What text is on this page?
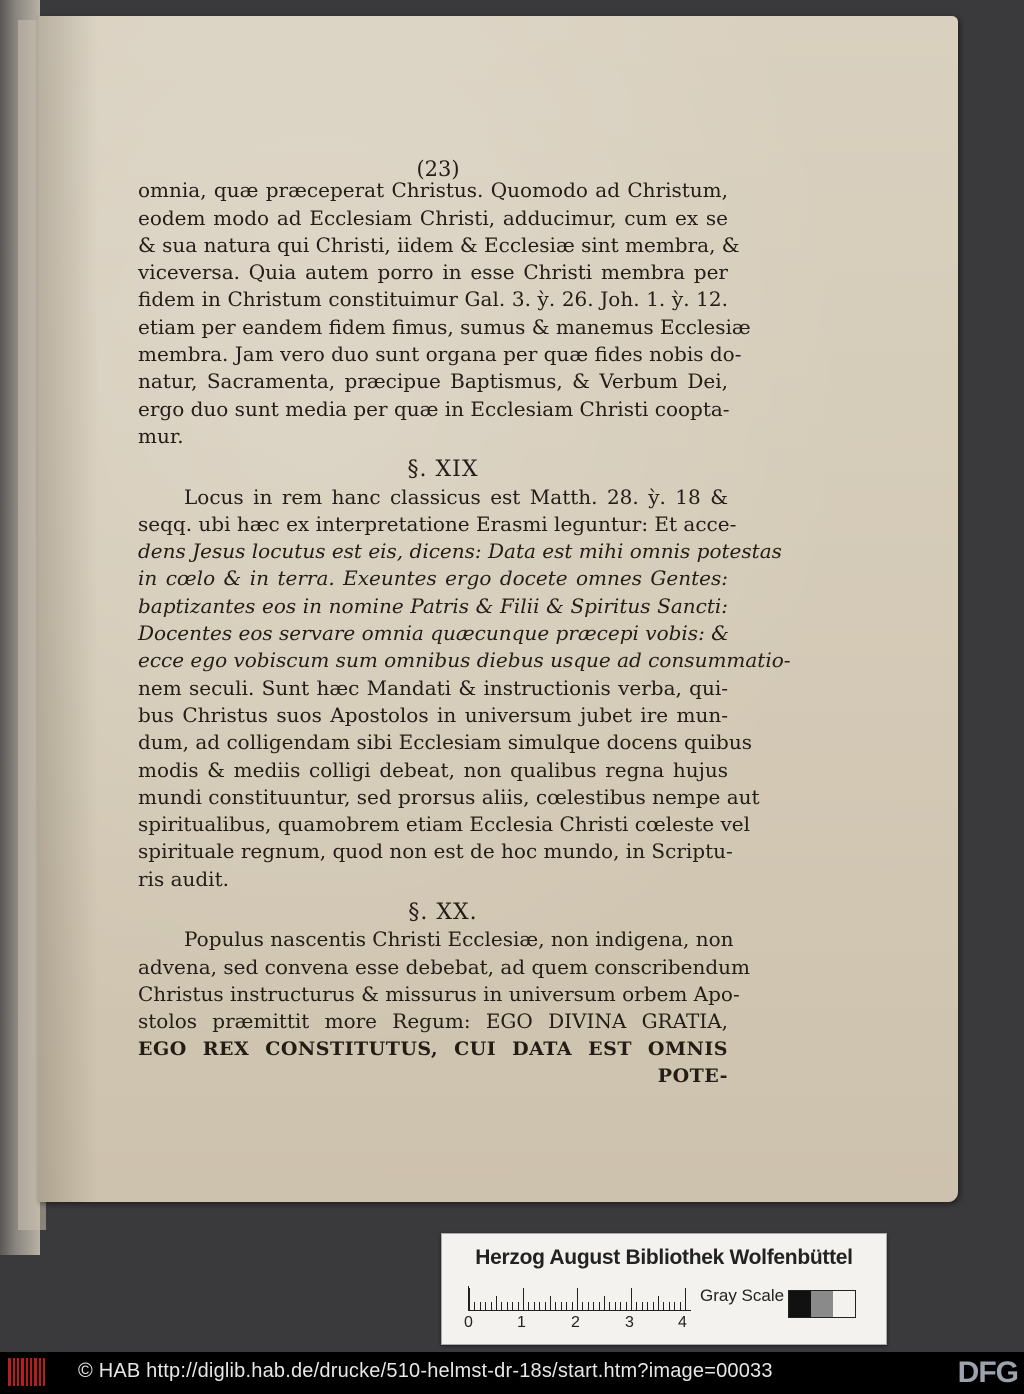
(23)
omnia, quæ præceperat Christus. Quomodo ad Christum,
eodem modo ad Ecclesiam Christi, adducimur, cum ex se
& sua natura qui Christi, iidem & Ecclesiæ sint membra, &
viceversa. Quia autem porro in esse Christi membra per
fidem in Christum constituimur Gal. 3. ỳ. 26. Joh. 1. ỳ. 12.
etiam per eandem fidem fimus, sumus & manemus Ecclesiæ
membra. Jam vero duo sunt organa per quæ fides nobis do-
natur, Sacramenta, præcipue Baptismus, & Verbum Dei,
ergo duo sunt media per quæ in Ecclesiam Christi coopta-
mur.
§. XIX
Locus in rem hanc classicus est Matth. 28. ỳ. 18 &
seqq. ubi hæc ex interpretatione Erasmi leguntur: Et acce-
dens Jesus locutus est eis, dicens: Data est mihi omnis potestas
in cœlo & in terra. Exeuntes ergo docete omnes Gentes:
baptizantes eos in nomine Patris & Filii & Spiritus Sancti:
Docentes eos servare omnia quæcunque præcepi vobis: &
ecce ego vobiscum sum omnibus diebus usque ad consummatio-
nem seculi. Sunt hæc Mandati & instructionis verba, qui-
bus Christus suos Apostolos in universum jubet ire mun-
dum, ad colligendam sibi Ecclesiam simulque docens quibus
modis & mediis colligi debeat, non qualibus regna hujus
mundi constituuntur, sed prorsus aliis, cœlestibus nempe aut
spiritualibus, quamobrem etiam Ecclesia Christi cœleste vel
spirituale regnum, quod non est de hoc mundo, in Scriptu-
ris audit.
§. XX.
Populus nascentis Christi Ecclesiæ, non indigena, non
advena, sed convena esse debebat, ad quem conscribendum
Christus instructurus & missurus in universum orbem Apo-
stolos præmittit more Regum: EGO DIVINA GRATIA,
EGO REX CONSTITUTUS, CUI DATA EST OMNIS
POTE-
Herzog August Bibliothek Wolfenbüttel
0	1	2	3	4
Gray Scale
© HAB http://diglib.hab.de/drucke/510-helmst-dr-18s/start.htm?image=00033	DFG
